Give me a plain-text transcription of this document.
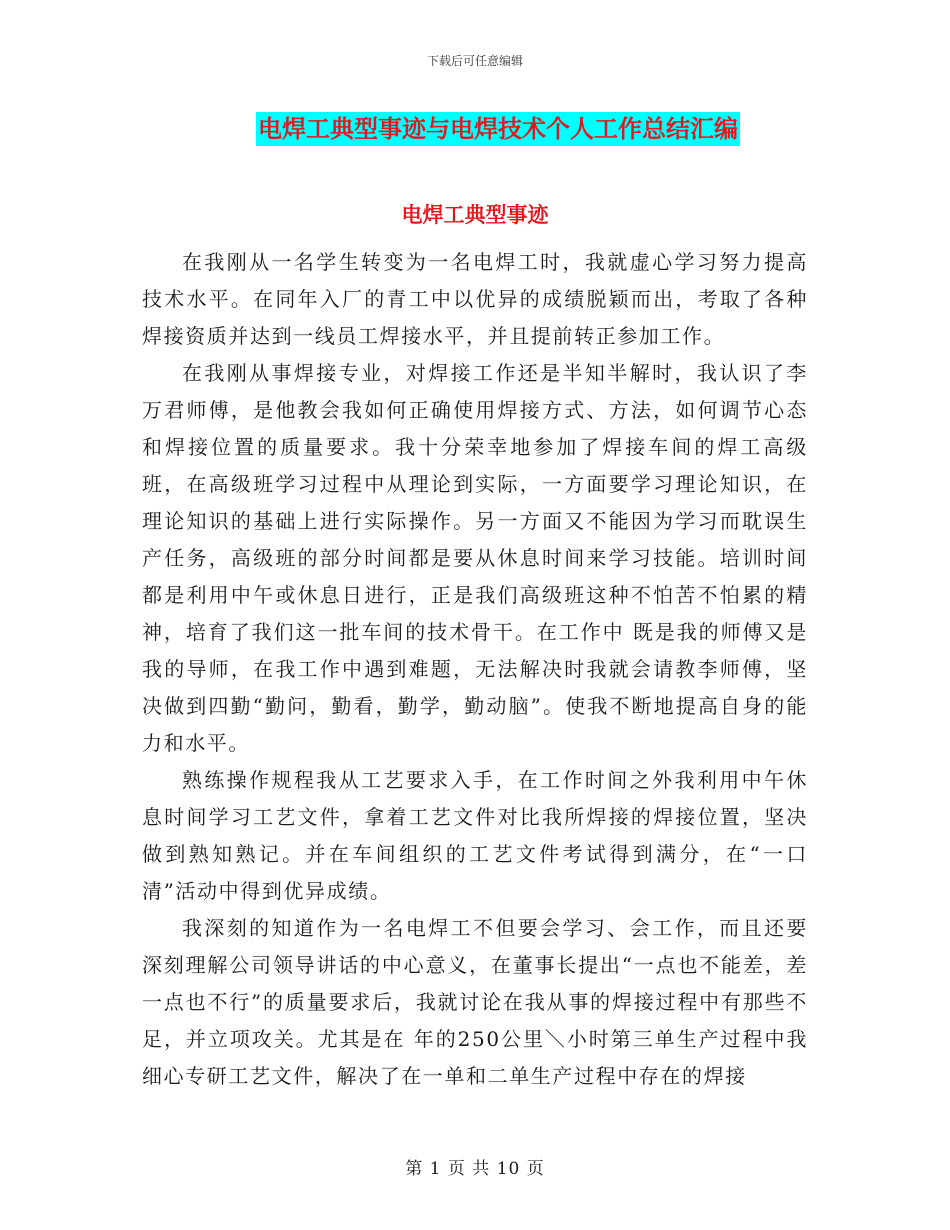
下载后可任意编辑
电焊工典型事迹与电焊技术个人工作总结汇编
电焊工典型事迹

在我刚从一名学生转变为一名电焊工时，我就虚心学习努力提高技术水平。在同年入厂的青工中以优异的成绩脱颖而出，考取了各种焊接资质并达到一线员工焊接水平，并且提前转正参加工作。

在我刚从事焊接专业，对焊接工作还是半知半解时，我认识了李万君师傅，是他教会我如何正确使用焊接方式、方法，如何调节心态和焊接位置的质量要求。我十分荣幸地参加了焊接车间的焊工高级班，在高级班学习过程中从理论到实际，一方面要学习理论知识，在理论知识的基础上进行实际操作。另一方面又不能因为学习而耽误生产任务，高级班的部分时间都是要从休息时间来学习技能。培训时间都是利用中午或休息日进行，正是我们高级班这种不怕苦不怕累的精神，培育了我们这一批车间的技术骨干。在工作中 既是我的师傅又是我的导师，在我工作中遇到难题，无法解决时我就会请教李师傅，坚决做到四勤“勤问，勤看，勤学，勤动脑”。使我不断地提高自身的能力和水平。

熟练操作规程我从工艺要求入手，在工作时间之外我利用中午休息时间学习工艺文件，拿着工艺文件对比我所焊接的焊接位置，坚决做到熟知熟记。并在车间组织的工艺文件考试得到满分，在“一口清”活动中得到优异成绩。

我深刻的知道作为一名电焊工不但要会学习、会工作，而且还要深刻理解公司领导讲话的中心意义，在董事长提出“一点也不能差，差一点也不行”的质量要求后，我就讨论在我从事的焊接过程中有那些不足，并立项攻关。尤其是在 年的250公里＼小时第三单生产过程中我细心专研工艺文件，解决了在一单和二单生产过程中存在的焊接

第 1 页 共 10 页
